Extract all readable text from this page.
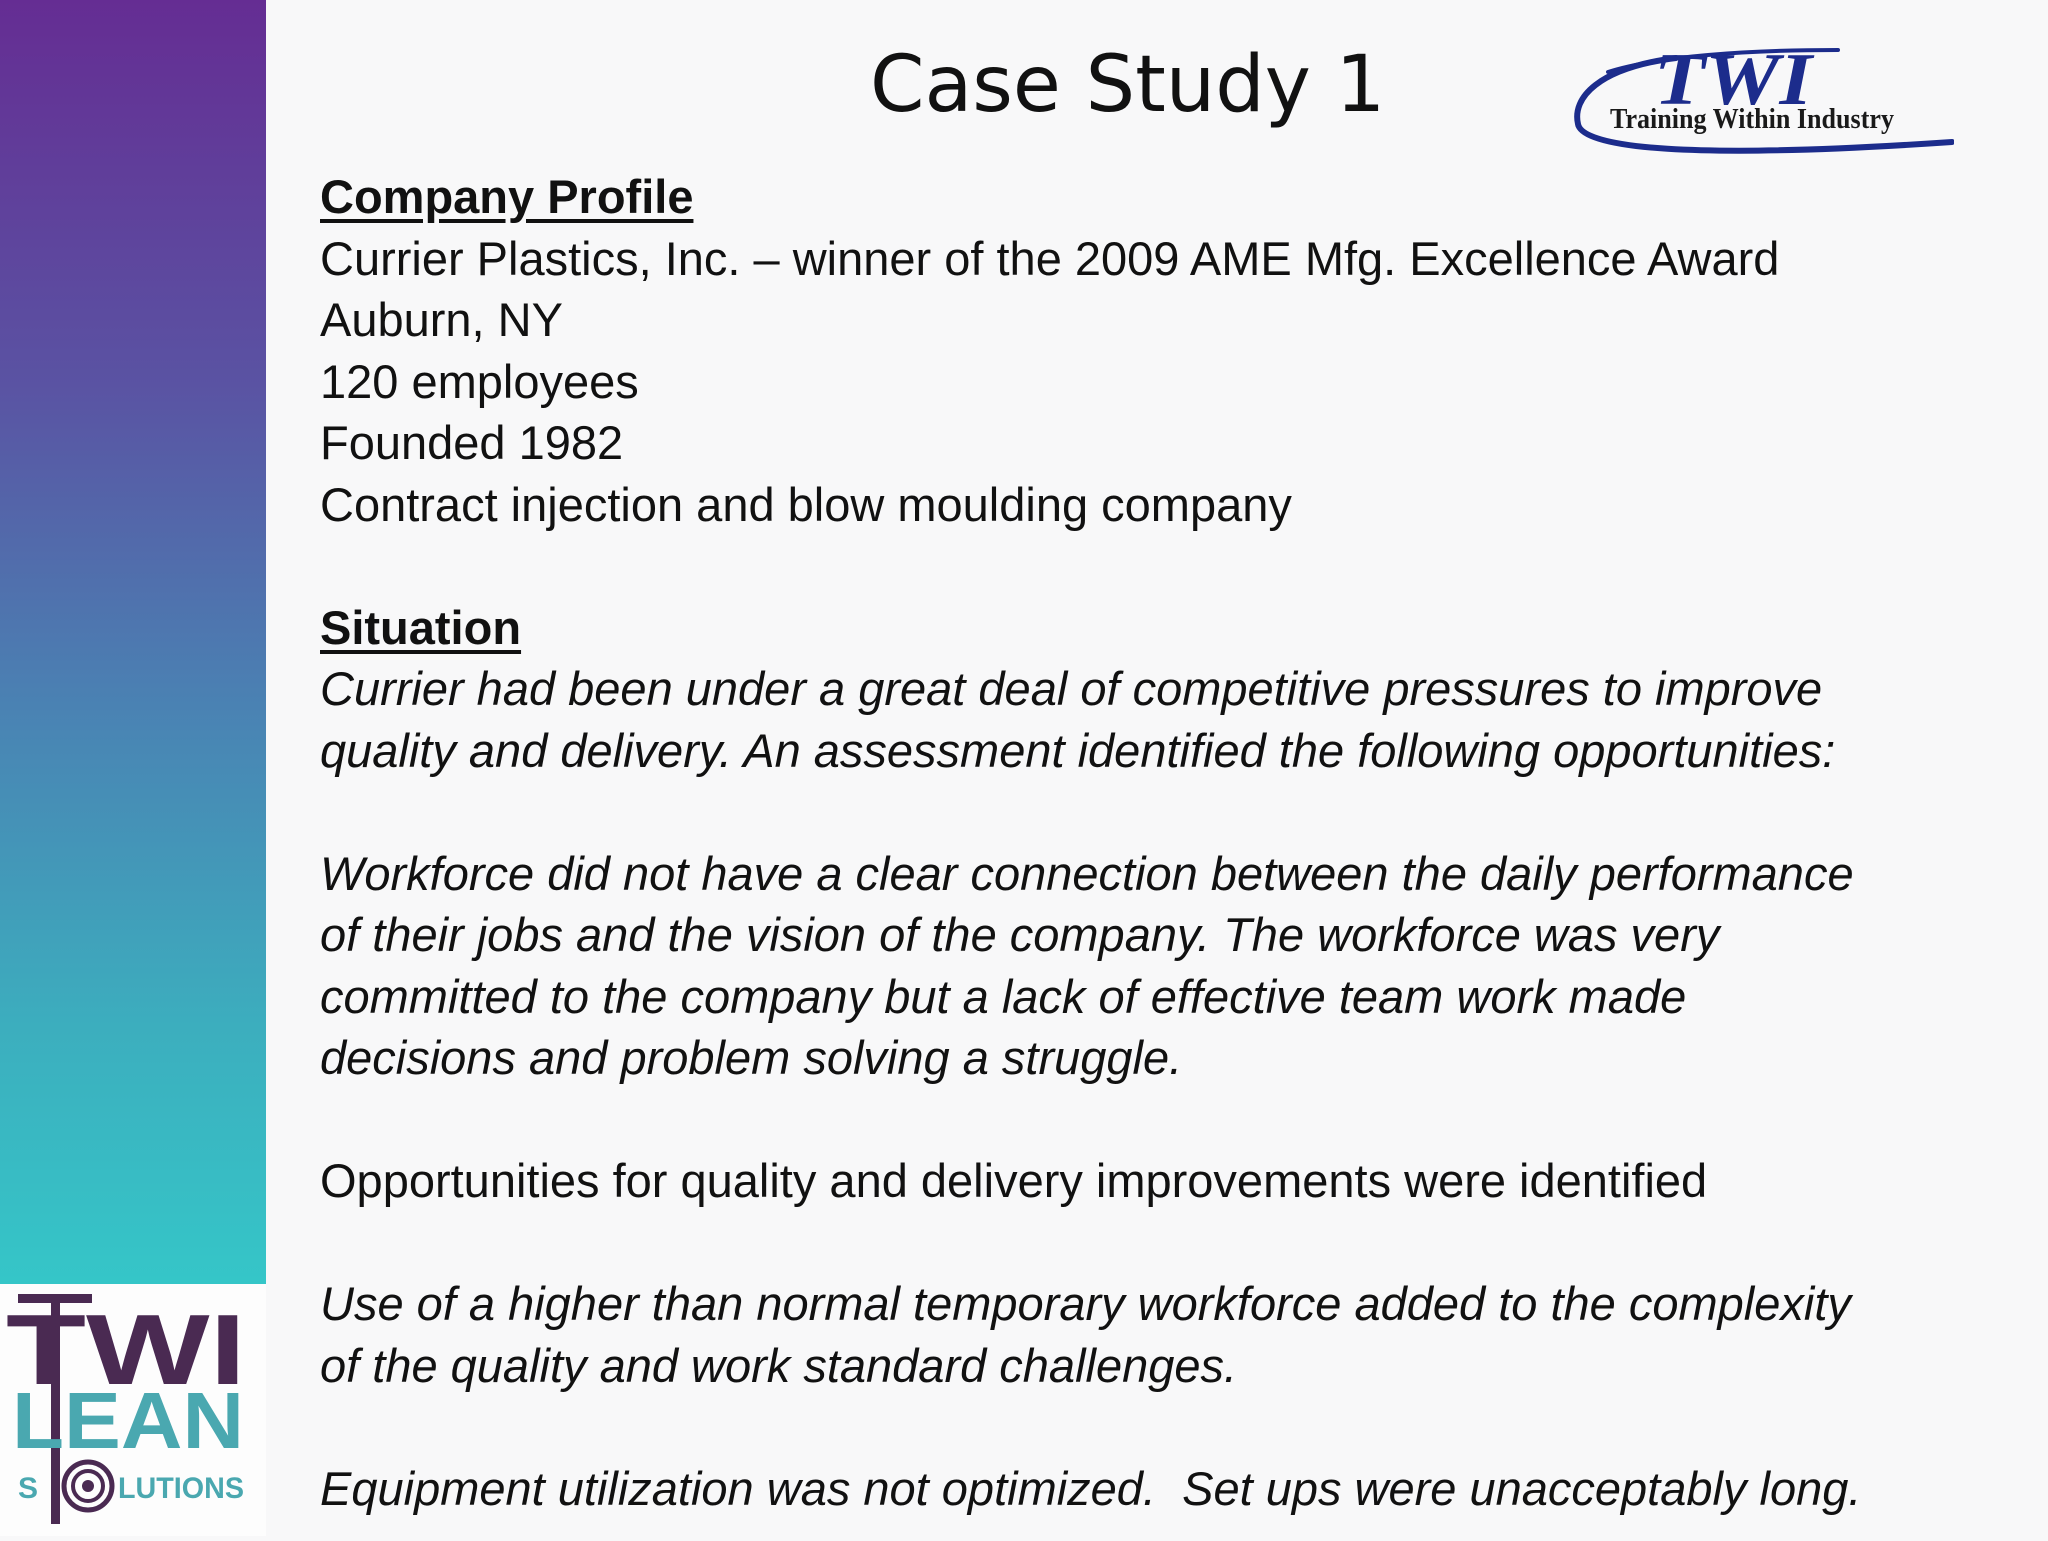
TWI
LEAN
S	LUTIONS
Case Study 1	TWI
Training Within Industry

Company Profile

Currier Plastics, Inc. – winner of the 2009 AME Mfg. Excellence Award

Auburn, NY

120 employees

Founded 1982

Contract injection and blow moulding company

Situation

Currier had been under a great deal of competitive pressures to improve

quality and delivery. An assessment identified the following opportunities:

Workforce did not have a clear connection between the daily performance

of their jobs and the vision of the company. The workforce was very

committed to the company but a lack of effective team work made

decisions and problem solving a struggle.

Opportunities for quality and delivery improvements were identified

Use of a higher than normal temporary workforce added to the complexity

of the quality and work standard challenges.

Equipment utilization was not optimized.  Set ups were unacceptably long.
